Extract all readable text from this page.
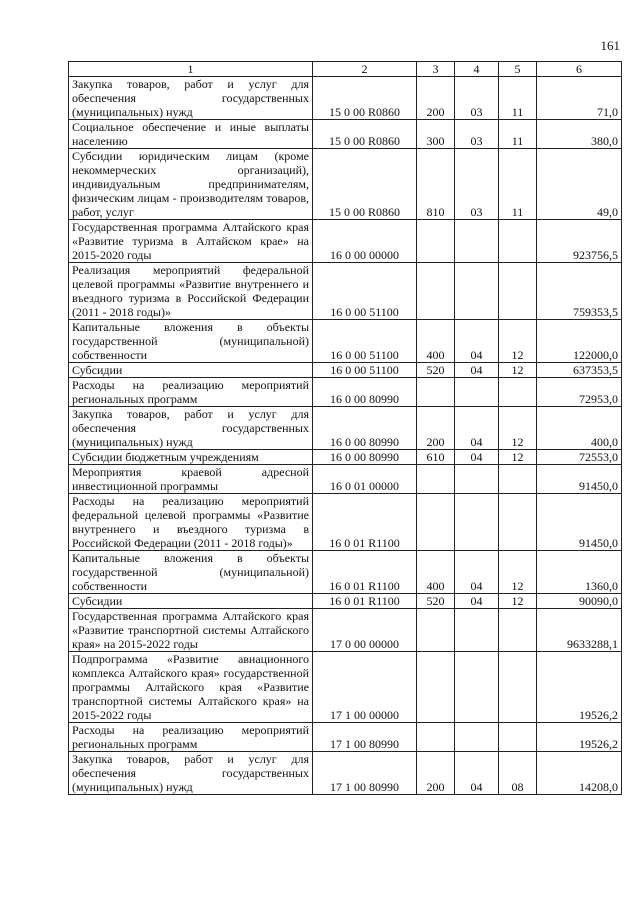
161
1	2	3	4	5	6
Закупка товаров, работ и услуг для обеспечения государственных (муниципальных) нужд	15 0 00 R0860	200	03	11	71,0
Социальное обеспечение и иные выплаты населению	15 0 00 R0860	300	03	11	380,0
Субсидии юридическим лицам (кроме некоммерческих организаций), индивидуальным предпринимателям, физическим лицам - производителям товаров, работ, услуг	15 0 00 R0860	810	03	11	49,0
Государственная программа Алтайского края «Развитие туризма в Алтайском крае» на 2015-2020 годы	16 0 00 00000				923756,5
Реализация мероприятий федеральной целевой программы «Развитие внутреннего и въездного туризма в Российской Федерации (2011 - 2018 годы)»	16 0 00 51100				759353,5
Капитальные вложения в объекты государственной (муниципальной) собственности	16 0 00 51100	400	04	12	122000,0
Субсидии	16 0 00 51100	520	04	12	637353,5
Расходы на реализацию мероприятий региональных программ	16 0 00 80990				72953,0
Закупка товаров, работ и услуг для обеспечения государственных (муниципальных) нужд	16 0 00 80990	200	04	12	400,0
Субсидии бюджетным учреждениям	16 0 00 80990	610	04	12	72553,0
Мероприятия краевой адресной инвестиционной программы	16 0 01 00000				91450,0
Расходы на реализацию мероприятий федеральной целевой программы «Развитие внутреннего и въездного туризма в Российской Федерации (2011 - 2018 годы)»	16 0 01 R1100				91450,0
Капитальные вложения в объекты государственной (муниципальной) собственности	16 0 01 R1100	400	04	12	1360,0
Субсидии	16 0 01 R1100	520	04	12	90090,0
Государственная программа Алтайского края «Развитие транспортной системы Алтайского края» на 2015-2022 годы	17 0 00 00000				9633288,1
Подпрограмма «Развитие авиационного комплекса Алтайского края» государственной программы Алтайского края «Развитие транспортной системы Алтайского края» на 2015-2022 годы	17 1 00 00000				19526,2
Расходы на реализацию мероприятий региональных программ	17 1 00 80990				19526,2
Закупка товаров, работ и услуг для обеспечения государственных (муниципальных) нужд	17 1 00 80990	200	04	08	14208,0
